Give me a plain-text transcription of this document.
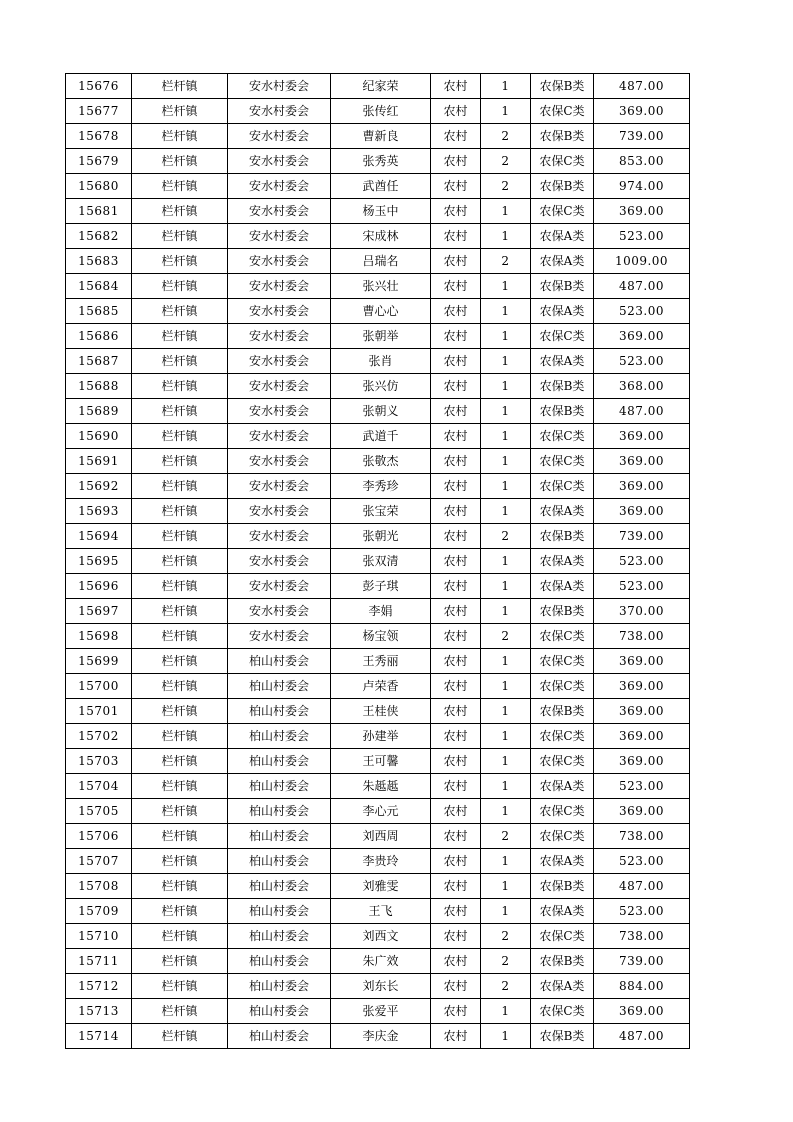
15676	栏杆镇	安水村委会	纪家荣	农村	1	农保B类	487.00
15677	栏杆镇	安水村委会	张传红	农村	1	农保C类	369.00
15678	栏杆镇	安水村委会	曹新良	农村	2	农保B类	739.00
15679	栏杆镇	安水村委会	张秀英	农村	2	农保C类	853.00
15680	栏杆镇	安水村委会	武酋任	农村	2	农保B类	974.00
15681	栏杆镇	安水村委会	杨玉中	农村	1	农保C类	369.00
15682	栏杆镇	安水村委会	宋成林	农村	1	农保A类	523.00
15683	栏杆镇	安水村委会	吕瑞名	农村	2	农保A类	1009.00
15684	栏杆镇	安水村委会	张兴壮	农村	1	农保B类	487.00
15685	栏杆镇	安水村委会	曹心心	农村	1	农保A类	523.00
15686	栏杆镇	安水村委会	张朝举	农村	1	农保C类	369.00
15687	栏杆镇	安水村委会	张肖	农村	1	农保A类	523.00
15688	栏杆镇	安水村委会	张兴仿	农村	1	农保B类	368.00
15689	栏杆镇	安水村委会	张朝义	农村	1	农保B类	487.00
15690	栏杆镇	安水村委会	武道千	农村	1	农保C类	369.00
15691	栏杆镇	安水村委会	张敬杰	农村	1	农保C类	369.00
15692	栏杆镇	安水村委会	李秀珍	农村	1	农保C类	369.00
15693	栏杆镇	安水村委会	张宝荣	农村	1	农保A类	369.00
15694	栏杆镇	安水村委会	张朝光	农村	2	农保B类	739.00
15695	栏杆镇	安水村委会	张双清	农村	1	农保A类	523.00
15696	栏杆镇	安水村委会	彭子琪	农村	1	农保A类	523.00
15697	栏杆镇	安水村委会	李娟	农村	1	农保B类	370.00
15698	栏杆镇	安水村委会	杨宝领	农村	2	农保C类	738.00
15699	栏杆镇	柏山村委会	王秀丽	农村	1	农保C类	369.00
15700	栏杆镇	柏山村委会	卢荣香	农村	1	农保C类	369.00
15701	栏杆镇	柏山村委会	王桂侠	农村	1	农保B类	369.00
15702	栏杆镇	柏山村委会	孙建举	农村	1	农保C类	369.00
15703	栏杆镇	柏山村委会	王可馨	农村	1	农保C类	369.00
15704	栏杆镇	柏山村委会	朱趆趆	农村	1	农保A类	523.00
15705	栏杆镇	柏山村委会	李心元	农村	1	农保C类	369.00
15706	栏杆镇	柏山村委会	刘西周	农村	2	农保C类	738.00
15707	栏杆镇	柏山村委会	李贵玲	农村	1	农保A类	523.00
15708	栏杆镇	柏山村委会	刘雅雯	农村	1	农保B类	487.00
15709	栏杆镇	柏山村委会	王飞	农村	1	农保A类	523.00
15710	栏杆镇	柏山村委会	刘西文	农村	2	农保C类	738.00
15711	栏杆镇	柏山村委会	朱广效	农村	2	农保B类	739.00
15712	栏杆镇	柏山村委会	刘东长	农村	2	农保A类	884.00
15713	栏杆镇	柏山村委会	张爱平	农村	1	农保C类	369.00
15714	栏杆镇	柏山村委会	李庆金	农村	1	农保B类	487.00
